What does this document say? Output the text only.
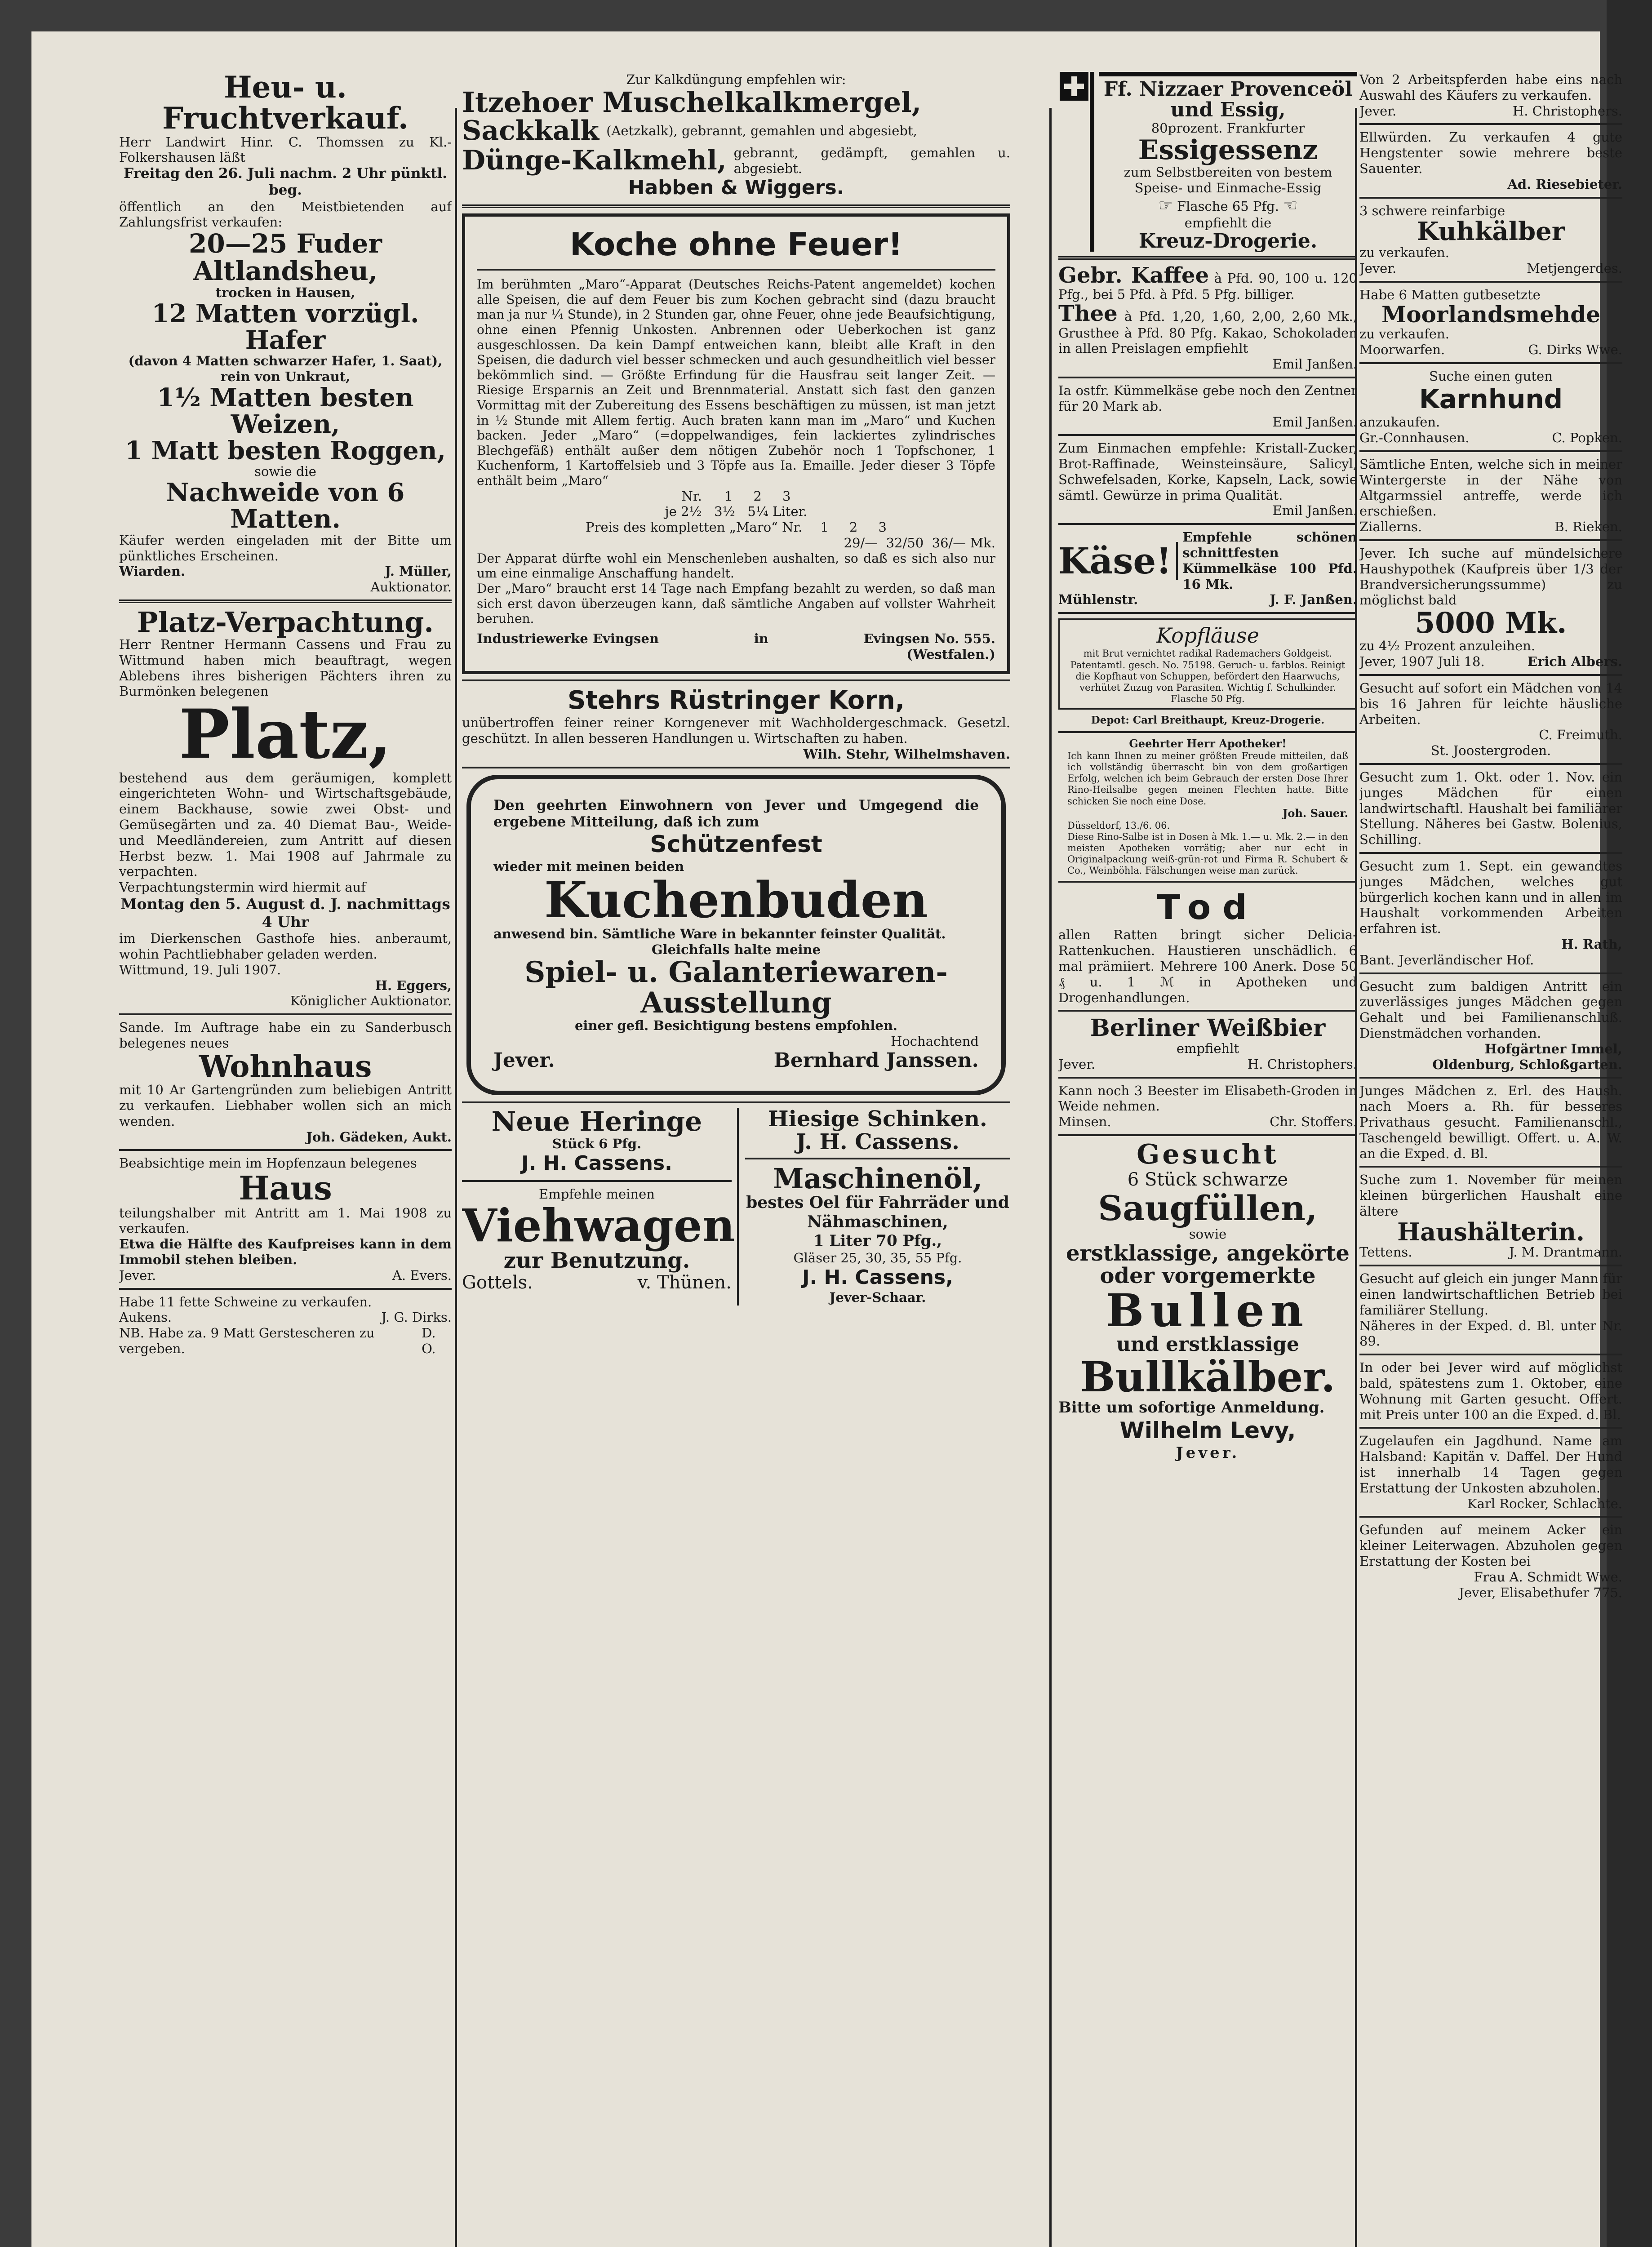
Heu- u. Fruchtverkauf.

Herr Landwirt Hinr. C. Thomssen zu Kl.-Folkershausen läßt

Freitag den 26. Juli nachm. 2 Uhr pünktl. beg.

öffentlich an den Meistbietenden auf Zahlungsfrist verkaufen:

20—25 Fuder Altlandsheu,

trocken in Hausen,

12 Matten vorzügl. Hafer

(davon 4 Matten schwarzer Hafer, 1. Saat), rein von Unkraut,

1½ Matten besten Weizen,

1 Matt besten Roggen,

sowie die

Nachweide von 6 Matten.

Käufer werden eingeladen mit der Bitte um pünktliches Erscheinen.

Wiarden.	J. Müller,

Auktionator.

Platz-Verpachtung.

Herr Rentner Hermann Cassens und Frau zu Wittmund haben mich beauftragt, wegen Ablebens ihres bisherigen Pächters ihren zu Burmönken belegenen

Platz,

bestehend aus dem geräumigen, komplett eingerichteten Wohn- und Wirtschaftsgebäude, einem Backhause, sowie zwei Obst- und Gemüsegärten und za. 40 Diemat Bau-, Weide- und Meedländereien, zum Antritt auf diesen Herbst bezw. 1. Mai 1908 auf Jahrmale zu verpachten.

Verpachtungstermin wird hiermit auf

Montag den 5. August d. J. nachmittags 4 Uhr

im Dierkenschen Gasthofe hies. anberaumt, wohin Pachtliebhaber geladen werden.

Wittmund, 19. Juli 1907.

H. Eggers,

Königlicher Auktionator.

Sande. Im Auftrage habe ein zu Sanderbusch belegenes neues

Wohnhaus

mit 10 Ar Gartengründen zum beliebigen Antritt zu verkaufen. Liebhaber wollen sich an mich wenden.

Joh. Gädeken, Aukt.

Beabsichtige mein im Hopfenzaun belegenes

Haus

teilungshalber mit Antritt am 1. Mai 1908 zu verkaufen.

Etwa die Hälfte des Kaufpreises kann in dem Immobil stehen bleiben.

Jever.	A. Evers.

Habe 11 fette Schweine zu verkaufen.

Aukens.	J. G. Dirks.
NB. Habe za. 9 Matt Gerstescheren zu vergeben.
D. O.

Zur Kalkdüngung empfehlen wir:

Itzehoer Muschelkalkmergel,

Sackkalk (Aetzkalk), gebrannt, gemahlen und abgesiebt,
Dünge-Kalkmehl, gebrannt, gedämpft, gemahlen u. abgesiebt.

Habben & Wiggers.

Koche ohne Feuer!

Im berühmten „Maro“-Apparat (Deutsches Reichs-Patent angemeldet) kochen alle Speisen, die auf dem Feuer bis zum Kochen gebracht sind (dazu braucht man ja nur ¼ Stunde), in 2 Stunden gar, ohne Feuer, ohne jede Beaufsichtigung, ohne einen Pfennig Unkosten. Anbrennen oder Ueberkochen ist ganz ausgeschlossen. Da kein Dampf entweichen kann, bleibt alle Kraft in den Speisen, die dadurch viel besser schmecken und auch gesundheitlich viel besser bekömmlich sind. — Größte Erfindung für die Hausfrau seit langer Zeit. — Riesige Ersparnis an Zeit und Brennmaterial. Anstatt sich fast den ganzen Vormittag mit der Zubereitung des Essens beschäftigen zu müssen, ist man jetzt in ½ Stunde mit Allem fertig. Auch braten kann man im „Maro“ und Kuchen backen. Jeder „Maro“ (=doppelwandiges, fein lackiertes zylindrisches Blechgefäß) enthält außer dem nötigen Zubehör noch 1 Topfschoner, 1 Kuchenform, 1 Kartoffelsieb und 3 Töpfe aus Ia. Emaille. Jeder dieser 3 Töpfe enthält beim „Maro“

Nr. 1     2     3

je 2½   3½   5¼ Liter.

Preis des kompletten „Maro“ Nr. 1     2     3

29/—  32/50  36/— Mk.

Der Apparat dürfte wohl ein Menschenleben aushalten, so daß es sich also nur um eine einmalige Anschaffung handelt.

Der „Maro“ braucht erst 14 Tage nach Empfang bezahlt zu werden, so daß man sich erst davon überzeugen kann, daß sämtliche Angaben auf vollster Wahrheit beruhen.

Industriewerke Evingsen	in	Evingsen No. 555.

(Westfalen.)

Stehrs Rüstringer Korn,

unübertroffen feiner reiner Korngenever mit Wachholdergeschmack. Gesetzl. geschützt. In allen besseren Handlungen u. Wirtschaften zu haben.

Wilh. Stehr, Wilhelmshaven.

Den geehrten Einwohnern von Jever und Umgegend die ergebene Mitteilung, daß ich zum

Schützenfest

wieder mit meinen beiden

Kuchenbuden

anwesend bin. Sämtliche Ware in bekannter feinster Qualität.

Gleichfalls halte meine

Spiel- u. Galanteriewaren-

Ausstellung

einer gefl. Besichtigung bestens empfohlen.

Hochachtend

Jever.	Bernhard Janssen.

Neue Heringe

Stück 6 Pfg.

J. H. Cassens.

Empfehle meinen

Viehwagen

zur Benutzung.

Gottels.	v. Thünen.

Hiesige Schinken.

J. H. Cassens.

Maschinenöl,

bestes Oel für Fahrräder und Nähmaschinen,

1 Liter 70 Pfg.,

Gläser 25, 30, 35, 55 Pfg.

J. H. Cassens,

Jever-Schaar.

Ff. Nizzaer Provenceöl und Essig,

80prozent. Frankfurter

Essigessenz

zum Selbstbereiten von bestem Speise- und Einmache-Essig

☞ Flasche 65 Pfg. ☜

empfiehlt die

Kreuz-Drogerie.

Gebr. Kaffee à Pfd. 90, 100 u. 120 Pfg., bei 5 Pfd. à Pfd. 5 Pfg. billiger.

Thee à Pfd. 1,20, 1,60, 2,00, 2,60 Mk., Grusthee à Pfd. 80 Pfg. Kakao, Schokoladen in allen Preislagen empfiehlt

Emil Janßen.

Ia ostfr. Kümmelkäse gebe noch den Zentner für 20 Mark ab.

Emil Janßen.

Zum Einmachen empfehle: Kristall-Zucker, Brot-Raffinade, Weinsteinsäure, Salicyl, Schwefelsaden, Korke, Kapseln, Lack, sowie sämtl. Gewürze in prima Qualität.

Emil Janßen.

Käse!
Empfehle schönen schnittfesten Kümmelkäse 100 Pfd. 16 Mk.
Mühlenstr.	J. F. Janßen.

Kopfläuse

mit Brut vernichtet radikal Rademachers Goldgeist. Patentamtl. gesch. No. 75198. Geruch- u. farblos. Reinigt die Kopfhaut von Schuppen, befördert den Haarwuchs, verhütet Zuzug von Parasiten. Wichtig f. Schulkinder. Flasche 50 Pfg.

Depot: Carl Breithaupt, Kreuz-Drogerie.

Geehrter Herr Apotheker!

Ich kann Ihnen zu meiner größten Freude mitteilen, daß ich vollständig überrascht bin von dem großartigen Erfolg, welchen ich beim Gebrauch der ersten Dose Ihrer Rino-Heilsalbe gegen meinen Flechten hatte. Bitte schicken Sie noch eine Dose.

Joh. Sauer.

Düsseldorf, 13./6. 06.

Diese Rino-Salbe ist in Dosen à Mk. 1.— u. Mk. 2.— in den meisten Apotheken vorrätig; aber nur echt in Originalpackung weiß-grün-rot und Firma R. Schubert & Co., Weinböhla. Fälschungen weise man zurück.

Tod

allen Ratten bringt sicher Delicia-Rattenkuchen. Haustieren unschädlich. 6 mal prämiiert. Mehrere 100 Anerk. Dose 50 ₰ u. 1 ℳ in Apotheken und Drogenhandlungen.

Berliner Weißbier

empfiehlt

Jever.	H. Christophers.

Kann noch 3 Beester im Elisabeth-Groden in Weide nehmen.

Minsen.	Chr. Stoffers.

Gesucht

6 Stück schwarze

Saugfüllen,

sowie

erstklassige, angekörte oder vorgemerkte

Bullen

und erstklassige

Bullkälber.

Bitte um sofortige Anmeldung.

Wilhelm Levy,

Jever.

Von 2 Arbeitspferden habe eins nach Auswahl des Käufers zu verkaufen.

Jever.	H. Christophers.

Ellwürden. Zu verkaufen 4 gute Hengstenter sowie mehrere beste Sauenter.

Ad. Riesebieter.

3 schwere reinfarbige

Kuhkälber

zu verkaufen.

Jever.	Metjengerdes.

Habe 6 Matten gutbesetzte

Moorlandsmehde

zu verkaufen.

Moorwarfen.	G. Dirks Wwe.

Suche einen guten

Karnhund

anzukaufen.

Gr.-Connhausen.	C. Popken.

Sämtliche Enten, welche sich in meiner Wintergerste in der Nähe von Altgarmssiel antreffe, werde ich erschießen.

Ziallerns.	B. Rieken.

Jever. Ich suche auf mündelsichere Haushypothek (Kaufpreis über 1/3 der Brandversicherungssumme) zu möglichst bald

5000 Mk.

zu 4½ Prozent anzuleihen.

Jever, 1907 Juli 18.	Erich Albers.

Gesucht auf sofort ein Mädchen von 14 bis 16 Jahren für leichte häusliche Arbeiten.

C. Freimuth.

St. Joostergroden.

Gesucht zum 1. Okt. oder 1. Nov. ein junges Mädchen für einen landwirtschaftl. Haushalt bei familiärer Stellung. Näheres bei Gastw. Bolenius, Schilling.

Gesucht zum 1. Sept. ein gewandtes junges Mädchen, welches gut bürgerlich kochen kann und in allen im Haushalt vorkommenden Arbeiten erfahren ist.

H. Rath,

Bant. Jeverländischer Hof.

Gesucht zum baldigen Antritt ein zuverlässiges junges Mädchen gegen Gehalt und bei Familienanschluß. Dienstmädchen vorhanden.

Hofgärtner Immel,

Oldenburg, Schloßgarten.

Junges Mädchen z. Erl. des Haush. nach Moers a. Rh. für besseres Privathaus gesucht. Familienanschl., Taschengeld bewilligt. Offert. u. A. W. an die Exped. d. Bl.

Suche zum 1. November für meinen kleinen bürgerlichen Haushalt eine ältere

Haushälterin.

Tettens.	J. M. Drantmann.

Gesucht auf gleich ein junger Mann für einen landwirtschaftlichen Betrieb bei familiärer Stellung.

Näheres in der Exped. d. Bl. unter Nr. 89.

In oder bei Jever wird auf möglichst bald, spätestens zum 1. Oktober, eine Wohnung mit Garten gesucht. Offert. mit Preis unter 100 an die Exped. d. Bl.

Zugelaufen ein Jagdhund. Name am Halsband: Kapitän v. Daffel. Der Hund ist innerhalb 14 Tagen gegen Erstattung der Unkosten abzuholen.

Karl Rocker, Schlachte.

Gefunden auf meinem Acker ein kleiner Leiterwagen. Abzuholen gegen Erstattung der Kosten bei

Frau A. Schmidt Wwe.

Jever, Elisabethufer 775.
